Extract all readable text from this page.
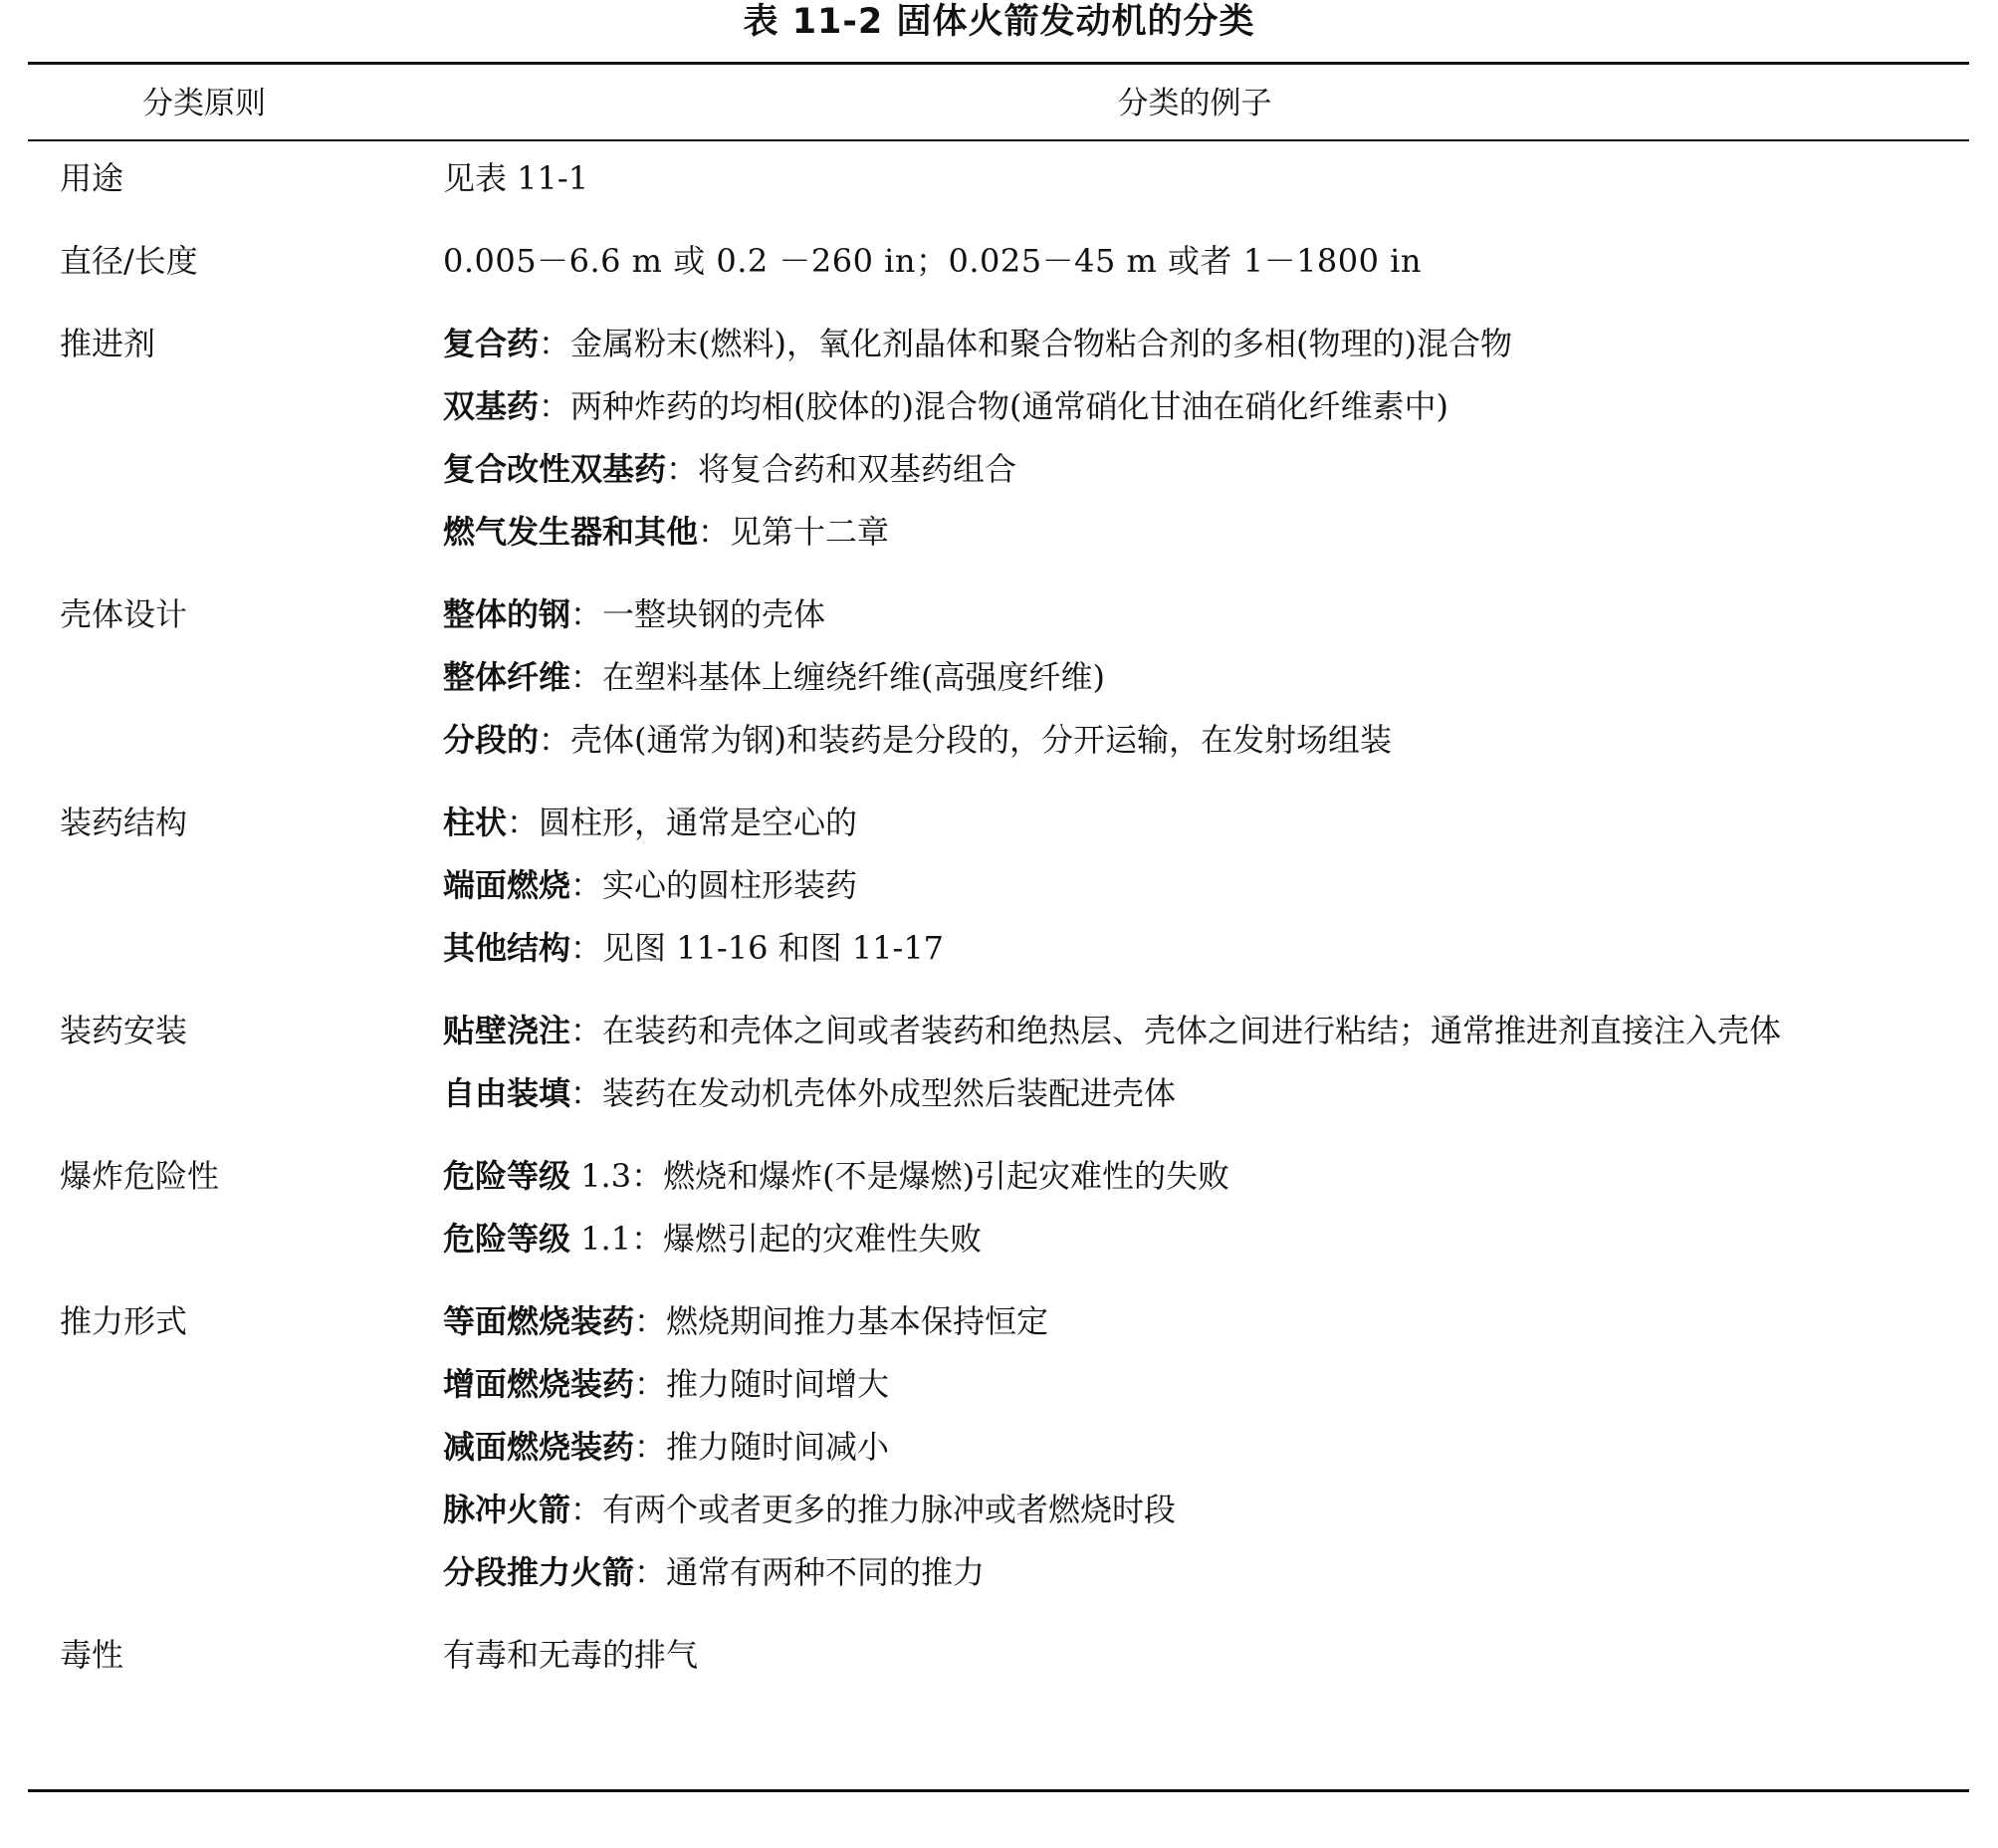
表 11-2 固体火箭发动机的分类
分类原则	分类的例子
用途	见表 11-1
直径/长度	0.005－6.6 m 或 0.2 －260 in；0.025－45 m 或者 1－1800 in
推进剂	复合药：金属粉末(燃料)，氧化剂晶体和聚合物粘合剂的多相(物理的)混合物
双基药：两种炸药的均相(胶体的)混合物(通常硝化甘油在硝化纤维素中)
复合改性双基药：将复合药和双基药组合
燃气发生器和其他：见第十二章
壳体设计	整体的钢：一整块钢的壳体
整体纤维：在塑料基体上缠绕纤维(高强度纤维)
分段的：壳体(通常为钢)和装药是分段的，分开运输，在发射场组装
装药结构	柱状：圆柱形，通常是空心的
端面燃烧：实心的圆柱形装药
其他结构：见图 11-16 和图 11-17
装药安装	贴壁浇注：在装药和壳体之间或者装药和绝热层、壳体之间进行粘结；通常推进剂直接注入壳体
自由装填：装药在发动机壳体外成型然后装配进壳体
爆炸危险性	危险等级 1.3：燃烧和爆炸(不是爆燃)引起灾难性的失败
危险等级 1.1：爆燃引起的灾难性失败
推力形式	等面燃烧装药：燃烧期间推力基本保持恒定
增面燃烧装药：推力随时间增大
减面燃烧装药：推力随时间减小
脉冲火箭：有两个或者更多的推力脉冲或者燃烧时段
分段推力火箭：通常有两种不同的推力
毒性	有毒和无毒的排气
